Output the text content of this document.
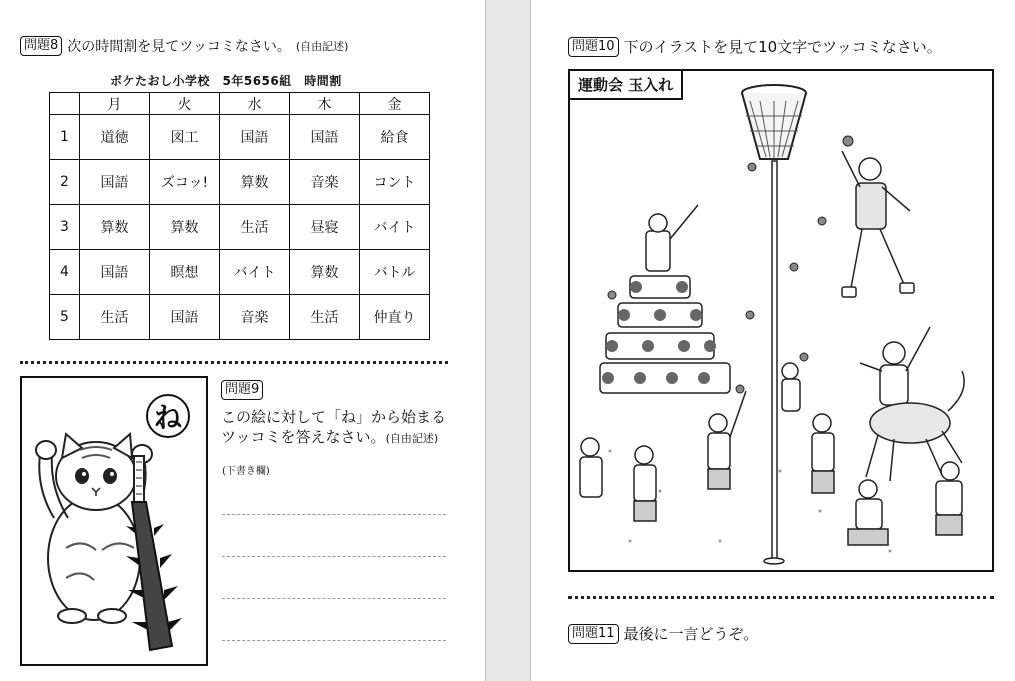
問題8 次の時間割を見てツッコミなさい。 (自由記述)
ボケたおし小学校　5年5656組　時間割
	月	火	水	木	金
1	道徳	図工	国語	国語	給食
2	国語	ズコッ!	算数	音楽	コント
3	算数	算数	生活	昼寝	バイト
4	国語	瞑想	バイト	算数	バトル
5	生活	国語	音楽	生活	仲直り
ね
問題9
この絵に対して「ね」から始まる
ツッコミを答えなさい。(自由記述)
(下書き欄)
問題10 下のイラストを見て10文字でツッコミなさい。
運動会 玉入れ
問題11 最後に一言どうぞ。
